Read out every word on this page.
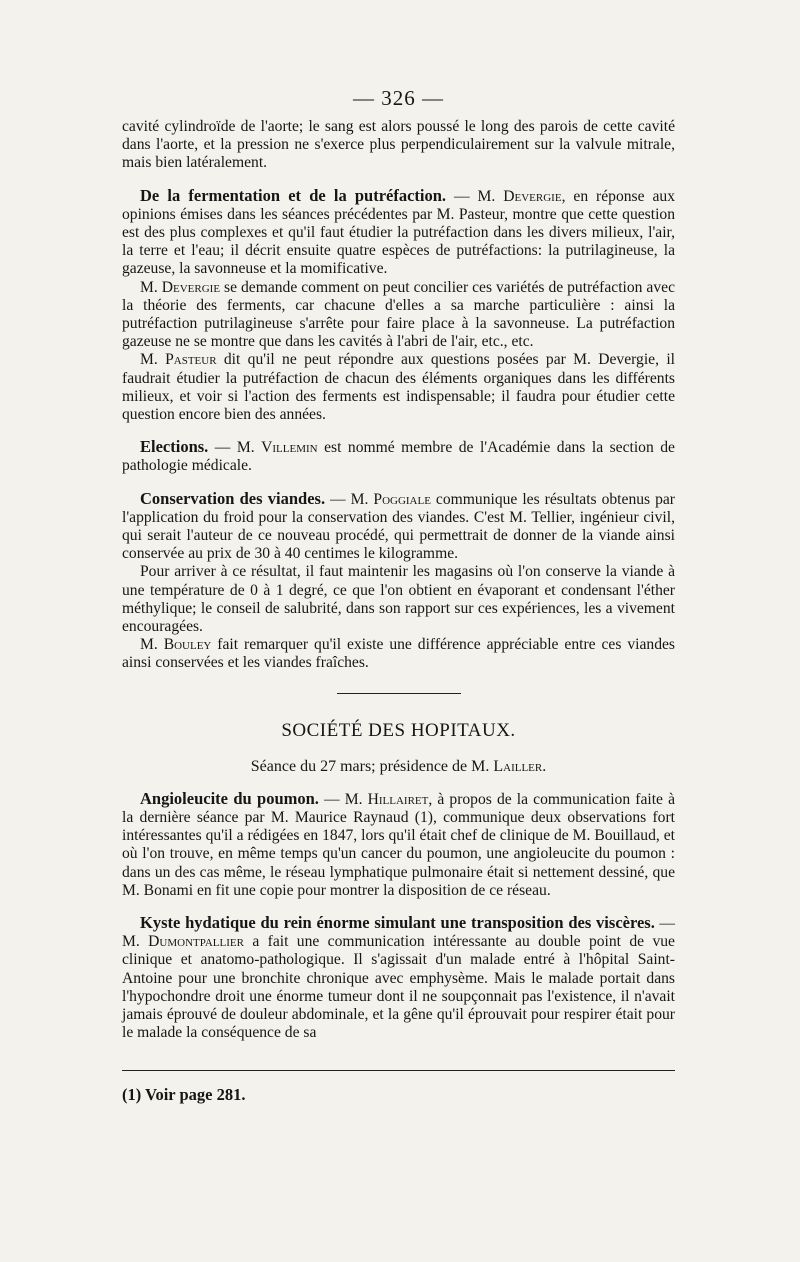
— 326 —

cavité cylindroïde de l'aorte; le sang est alors poussé le long des parois de cette cavité dans l'aorte, et la pression ne s'exerce plus perpendiculairement sur la valvule mitrale, mais bien latéralement.

De la fermentation et de la putréfaction. — M. Devergie, en réponse aux opinions émises dans les séances précédentes par M. Pasteur, montre que cette question est des plus complexes et qu'il faut étudier la putréfaction dans les divers milieux, l'air, la terre et l'eau; il décrit ensuite quatre espèces de putréfactions: la putrilagineuse, la gazeuse, la savonneuse et la momificative.

M. Devergie se demande comment on peut concilier ces variétés de putréfaction avec la théorie des ferments, car chacune d'elles a sa marche particulière : ainsi la putréfaction putrilagineuse s'arrête pour faire place à la savonneuse. La putréfaction gazeuse ne se montre que dans les cavités à l'abri de l'air, etc., etc.

M. Pasteur dit qu'il ne peut répondre aux questions posées par M. Devergie, il faudrait étudier la putréfaction de chacun des éléments organiques dans les différents milieux, et voir si l'action des ferments est indispensable; il faudra pour étudier cette question encore bien des années.

Elections. — M. Villemin est nommé membre de l'Académie dans la section de pathologie médicale.

Conservation des viandes. — M. Poggiale communique les résultats obtenus par l'application du froid pour la conservation des viandes. C'est M. Tellier, ingénieur civil, qui serait l'auteur de ce nouveau procédé, qui permettrait de donner de la viande ainsi conservée au prix de 30 à 40 centimes le kilogramme.

Pour arriver à ce résultat, il faut maintenir les magasins où l'on conserve la viande à une température de 0 à 1 degré, ce que l'on obtient en évaporant et condensant l'éther méthylique; le conseil de salubrité, dans son rapport sur ces expériences, les a vivement encouragées.

M. Bouley fait remarquer qu'il existe une différence appréciable entre ces viandes ainsi conservées et les viandes fraîches.

SOCIÉTÉ DES HOPITAUX.
Séance du 27 mars; présidence de M. Lailler.

Angioleucite du poumon. — M. Hillairet, à propos de la communication faite à la dernière séance par M. Maurice Raynaud (1), communique deux observations fort intéressantes qu'il a rédigées en 1847, lors qu'il était chef de clinique de M. Bouillaud, et où l'on trouve, en même temps qu'un cancer du poumon, une angioleucite du poumon : dans un des cas même, le réseau lymphatique pulmonaire était si nettement dessiné, que M. Bonami en fit une copie pour montrer la disposition de ce réseau.

Kyste hydatique du rein énorme simulant une transposition des viscères. — M. Dumontpallier a fait une communication intéressante au double point de vue clinique et anatomo-pathologique. Il s'agissait d'un malade entré à l'hôpital Saint-Antoine pour une bronchite chronique avec emphysème. Mais le malade portait dans l'hypochondre droit une énorme tumeur dont il ne soupçonnait pas l'existence, il n'avait jamais éprouvé de douleur abdominale, et la gêne qu'il éprouvait pour respirer était pour le malade la conséquence de sa

(1) Voir page 281.
